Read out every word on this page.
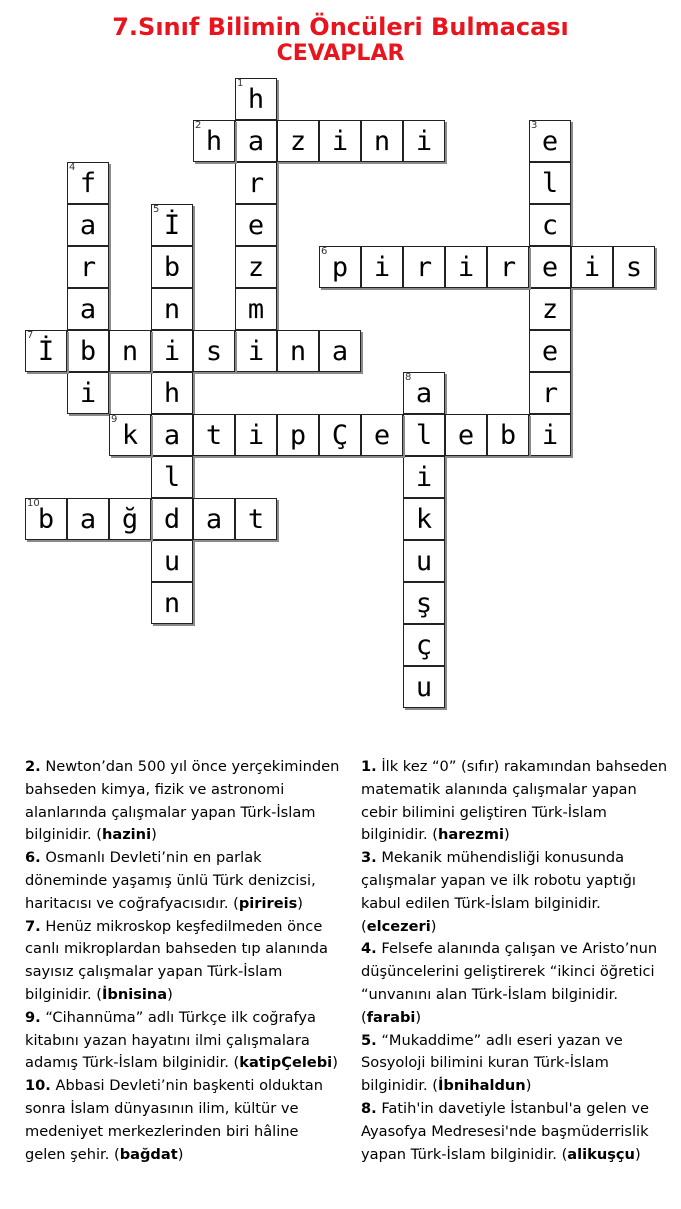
7.Sınıf Bilimin Öncüleri Bulmacası
CEVAPLAR
h
a
r
e
z
m
i
h	z i n i	e
l
c
e
z
e
r
i
f
a
r
a
b
i
İ
b
n
i
h
a
l
d
u
n
p i r i r	i s
İ	n	s	n a
a
l
i
k
u
ş
ç
u
k	t i p Ç e	e b
b a ğ	a t
1
2	3
4
5
6
7
8
9
10

2. Newton’dan 500 yıl önce yerçekiminden bahseden kimya, fizik ve astronomi alanlarında çalışmalar yapan Türk-İslam bilginidir. (hazini)

6. Osmanlı Devleti’nin en parlak döneminde yaşamış ünlü Türk denizcisi, haritacısı ve coğrafyacısıdır. (pirireis)

7. Henüz mikroskop keşfedilmeden önce canlı mikroplardan bahseden tıp alanında sayısız çalışmalar yapan Türk-İslam bilginidir. (İbnisina)

9. “Cihannüma” adlı Türkçe ilk coğrafya kitabını yazan hayatını ilmi çalışmalara adamış Türk-İslam bilginidir. (katipÇelebi)

10. Abbasi Devleti’nin başkenti olduktan sonra İslam dünyasının ilim, kültür ve medeniyet merkezlerinden biri hâline gelen şehir. (bağdat)

1. İlk kez “0” (sıfır) rakamından bahseden matematik alanında çalışmalar yapan cebir bilimini geliştiren Türk-İslam bilginidir. (harezmi)

3. Mekanik mühendisliği konusunda çalışmalar yapan ve ilk robotu yaptığı kabul edilen Türk-İslam bilginidir. (elcezeri)

4. Felsefe alanında çalışan ve Aristo’nun düşüncelerini geliştirerek “ikinci öğretici “unvanını alan Türk-İslam bilginidir. (farabi)

5. “Mukaddime” adlı eseri yazan ve Sosyoloji bilimini kuran Türk-İslam bilginidir. (İbnihaldun)

8. Fatih'in davetiyle İstanbul'a gelen ve Ayasofya Medresesi'nde başmüderrislik yapan Türk-İslam bilginidir. (alikuşçu)
